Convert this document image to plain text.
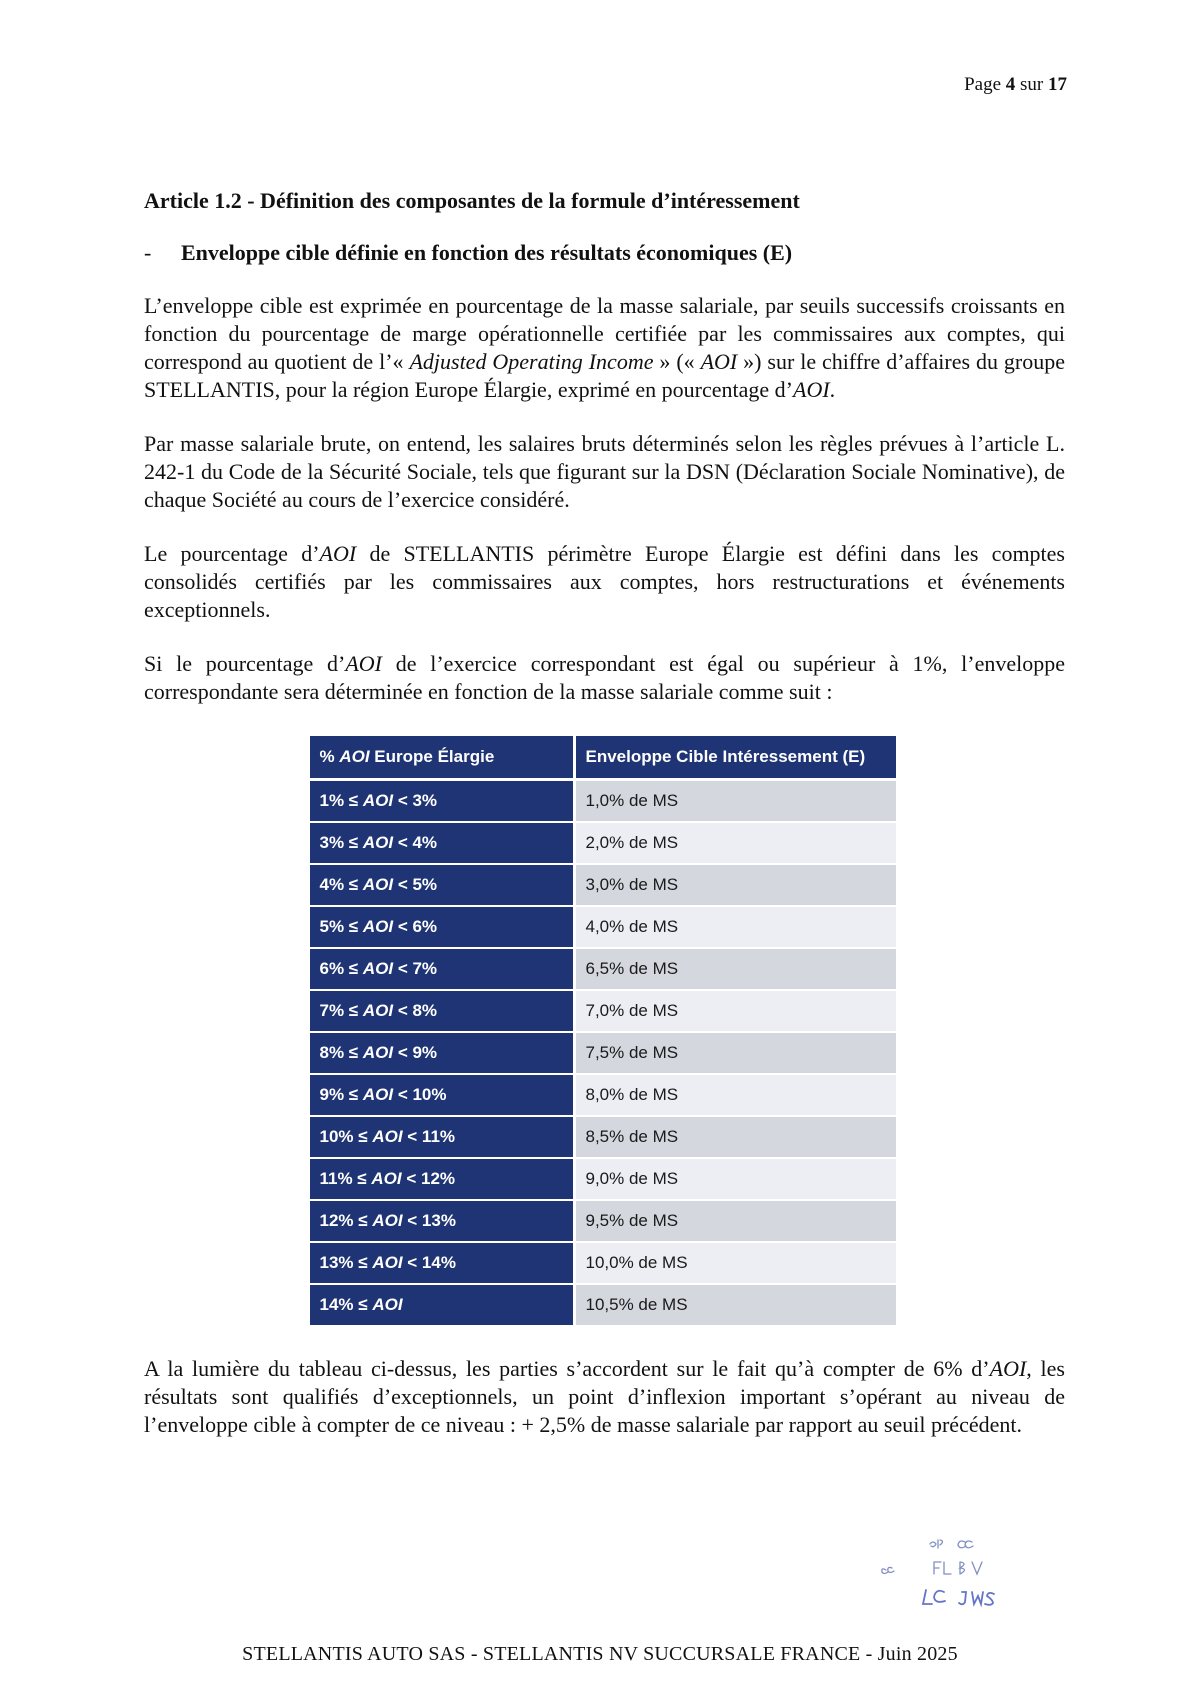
Page 4 sur 17
Article 1.2 - Définition des composantes de la formule d’intéressement
-	Enveloppe cible définie en fonction des résultats économiques (E)

L’enveloppe cible est exprimée en pourcentage de la masse salariale, par seuils successifs croissants en fonction du pourcentage de marge opérationnelle certifiée par les commissaires aux comptes, qui correspond au quotient de l’« Adjusted Operating Income » (« AOI ») sur le chiffre d’affaires du groupe STELLANTIS, pour la région Europe Élargie, exprimé en pourcentage d’AOI.

Par masse salariale brute, on entend, les salaires bruts déterminés selon les règles prévues à l’article L. 242-1 du Code de la Sécurité Sociale, tels que figurant sur la DSN (Déclaration Sociale Nominative), de chaque Société au cours de l’exercice considéré.

Le pourcentage d’AOI de STELLANTIS périmètre Europe Élargie est défini dans les comptes consolidés certifiés par les commissaires aux comptes, hors restructurations et événements exceptionnels.

Si le pourcentage d’AOI de l’exercice correspondant est égal ou supérieur à 1%, l’enveloppe correspondante sera déterminée en fonction de la masse salariale comme suit :

% AOI Europe Élargie	Enveloppe Cible Intéressement (E)
1% ≤ AOI < 3%	1,0% de MS
3% ≤ AOI < 4%	2,0% de MS
4% ≤ AOI < 5%	3,0% de MS
5% ≤ AOI < 6%	4,0% de MS
6% ≤ AOI < 7%	6,5% de MS
7% ≤ AOI < 8%	7,0% de MS
8% ≤ AOI < 9%	7,5% de MS
9% ≤ AOI < 10%	8,0% de MS
10% ≤ AOI < 11%	8,5% de MS
11% ≤ AOI < 12%	9,0% de MS
12% ≤ AOI < 13%	9,5% de MS
13% ≤ AOI < 14%	10,0% de MS
14% ≤ AOI	10,5% de MS

A la lumière du tableau ci-dessus, les parties s’accordent sur le fait qu’à compter de 6% d’AOI, les résultats sont qualifiés d’exceptionnels, un point d’inflexion important s’opérant au niveau de l’enveloppe cible à compter de ce niveau : + 2,5% de masse salariale par rapport au seuil précédent.

STELLANTIS AUTO SAS - STELLANTIS NV SUCCURSALE FRANCE - Juin 2025
